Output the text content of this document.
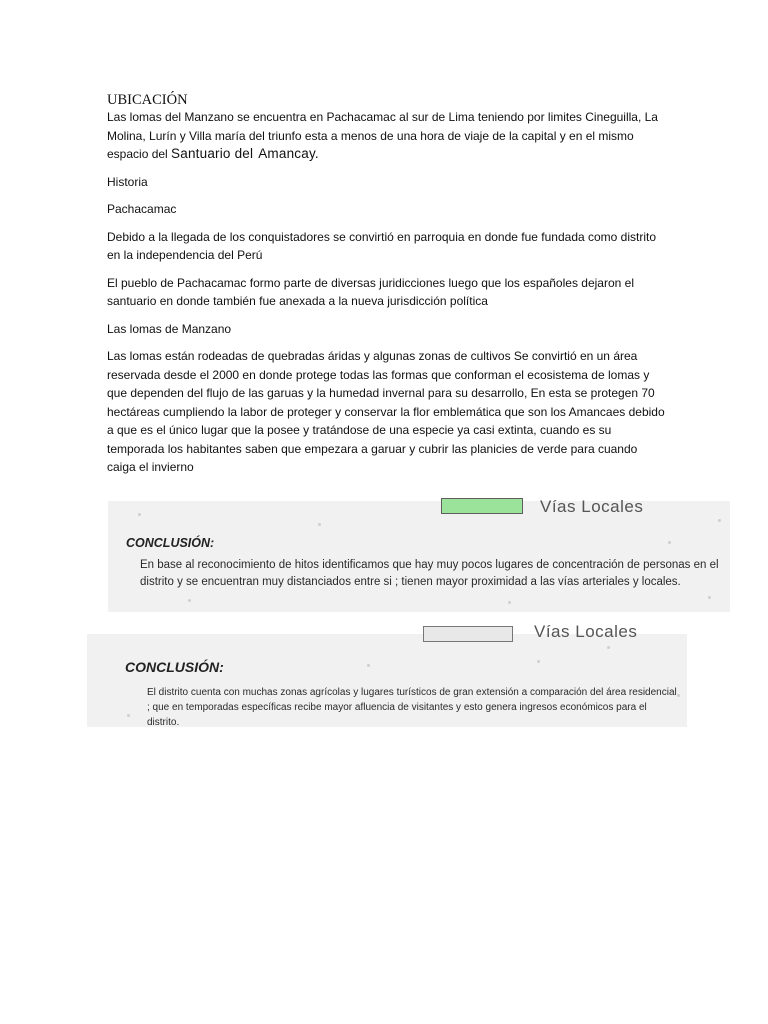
UBICACIÓN

Las lomas del Manzano se encuentra en Pachacamac al sur de Lima teniendo por limites Cineguilla, La Molina, Lurín y Villa maría del triunfo esta a menos de una hora de viaje de la capital y en el mismo espacio del Santuario del Amancay.

Historia

Pachacamac

Debido a la llegada de los conquistadores se convirtió en parroquia en donde fue fundada como distrito en la independencia del Perú

El pueblo de Pachacamac formo parte de diversas juridicciones luego que los españoles dejaron el santuario en donde también fue anexada a la nueva jurisdicción política

Las lomas de Manzano

Las lomas están rodeadas de quebradas áridas y algunas zonas de cultivos Se convirtió en un área reservada desde el 2000 en donde protege todas las formas que conforman el ecosistema de lomas y que dependen del flujo de las garuas y la humedad invernal para su desarrollo, En esta se protegen 70 hectáreas cumpliendo la labor de proteger y conservar la flor emblemática que son los Amancaes debido a que es el único lugar que la posee y tratándose de una especie ya casi extinta, cuando es su temporada los habitantes saben que empezara a garuar y cubrir las planicies de verde para cuando caiga el invierno

Vías Locales
CONCLUSIÓN:

En base al reconocimiento de hitos identificamos que hay muy pocos lugares de concentración de personas en el distrito y se encuentran muy distanciados entre si ; tienen mayor proximidad a las vías arteriales y locales.

Vías Locales
CONCLUSIÓN:

El distrito cuenta con muchas zonas agrícolas y lugares turísticos de gran extensión a comparación del área residencial ; que en temporadas específicas recibe mayor afluencia de visitantes y esto genera ingresos económicos para el distrito.
